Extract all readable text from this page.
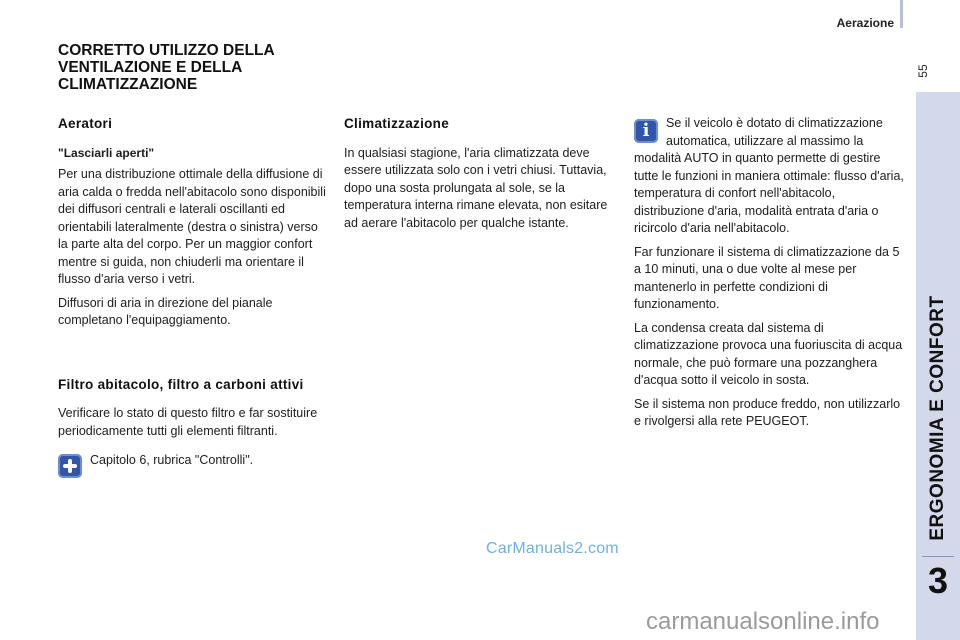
Aerazione
55
ERGONOMIA E CONFORT
3
CORRETTO UTILIZZO DELLA VENTILAZIONE E DELLA CLIMATIZZAZIONE
Aeratori
"Lasciarli aperti"

Per una distribuzione ottimale della diffusione di aria calda o fredda nell'abitacolo sono disponibili dei diffusori centrali e laterali oscillanti ed orientabili lateralmente (destra o sinistra) verso la parte alta del corpo. Per un maggior confort mentre si guida, non chiuderli ma orientare il flusso d'aria verso i vetri.

Diffusori di aria in direzione del pianale completano l'equipaggiamento.

Filtro abitacolo, filtro a carboni attivi

Verificare lo stato di questo filtro e far sostituire periodicamente tutti gli elementi filtranti.

Capitolo 6, rubrica "Controlli".
Climatizzazione

In qualsiasi stagione, l'aria climatizzata deve essere utilizzata solo con i vetri chiusi. Tuttavia, dopo una sosta prolungata al sole, se la temperatura interna rimane elevata, non esitare ad aerare l'abitacolo per qualche istante.

i	Se il veicolo è dotato di climatizzazione automatica, utilizzare al massimo la modalità AUTO in quanto permette di gestire tutte le funzioni in maniera ottimale: flusso d'aria, temperatura di confort nell'abitacolo, distribuzione d'aria, modalità entrata d'aria o ricircolo d'aria nell'abitacolo.

Far funzionare il sistema di climatizzazione da 5 a 10 minuti, una o due volte al mese per mantenerlo in perfette condizioni di funzionamento.

La condensa creata dal sistema di climatizzazione provoca una fuoriuscita di acqua normale, che può formare una pozzanghera d'acqua sotto il veicolo in sosta.

Se il sistema non produce freddo, non utilizzarlo e rivolgersi alla rete PEUGEOT.

CarManuals2.com
carmanualsonline.info
